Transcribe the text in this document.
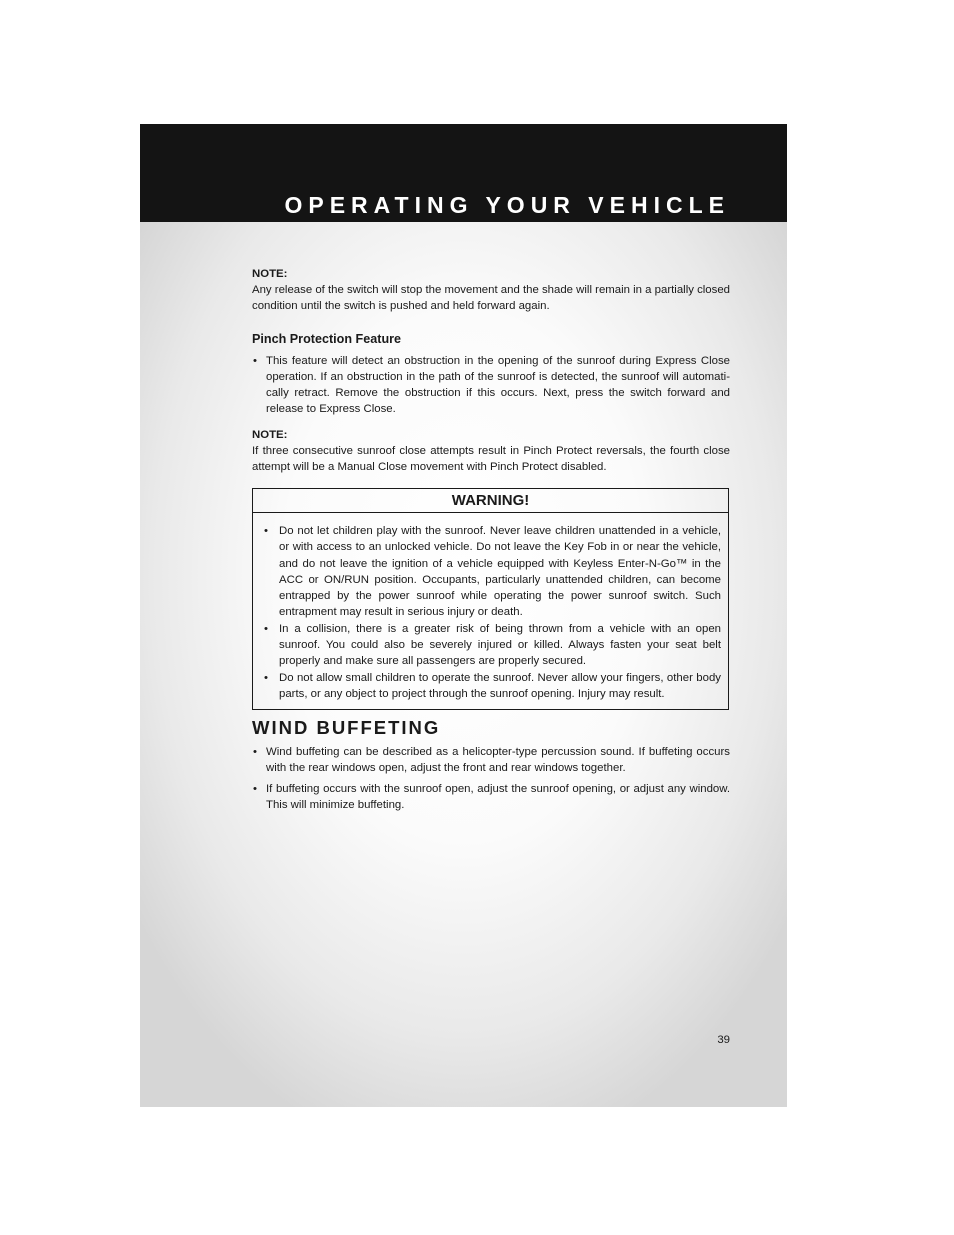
OPERATING YOUR VEHICLE

NOTE:

Any release of the switch will stop the movement and the shade will remain in a partially closed condition until the switch is pushed and held forward again.

Pinch Protection Feature
• This feature will detect an obstruction in the opening of the sunroof during Express Close operation. If an obstruction in the path of the sunroof is detected, the sunroof will automati-cally retract. Remove the obstruction if this occurs. Next, press the switch forward and release to Express Close.

NOTE:

If three consecutive sunroof close attempts result in Pinch Protect reversals, the fourth close attempt will be a Manual Close movement with Pinch Protect disabled.

WARNING!
• Do not let children play with the sunroof. Never leave children unattended in a vehicle, or with access to an unlocked vehicle. Do not leave the Key Fob in or near the vehicle, and do not leave the ignition of a vehicle equipped with Keyless Enter-N-Go™ in the ACC or ON/RUN position. Occupants, particularly unattended children, can become entrapped by the power sunroof while operating the power sunroof switch. Such entrapment may result in serious injury or death.
• In a collision, there is a greater risk of being thrown from a vehicle with an open sunroof. You could also be severely injured or killed. Always fasten your seat belt properly and make sure all passengers are properly secured.
• Do not allow small children to operate the sunroof. Never allow your fingers, other body parts, or any object to project through the sunroof opening. Injury may result.
WIND BUFFETING
• Wind buffeting can be described as a helicopter-type percussion sound. If buffeting occurs with the rear windows open, adjust the front and rear windows together.
• If buffeting occurs with the sunroof open, adjust the sunroof opening, or adjust any window. This will minimize buffeting.
39
